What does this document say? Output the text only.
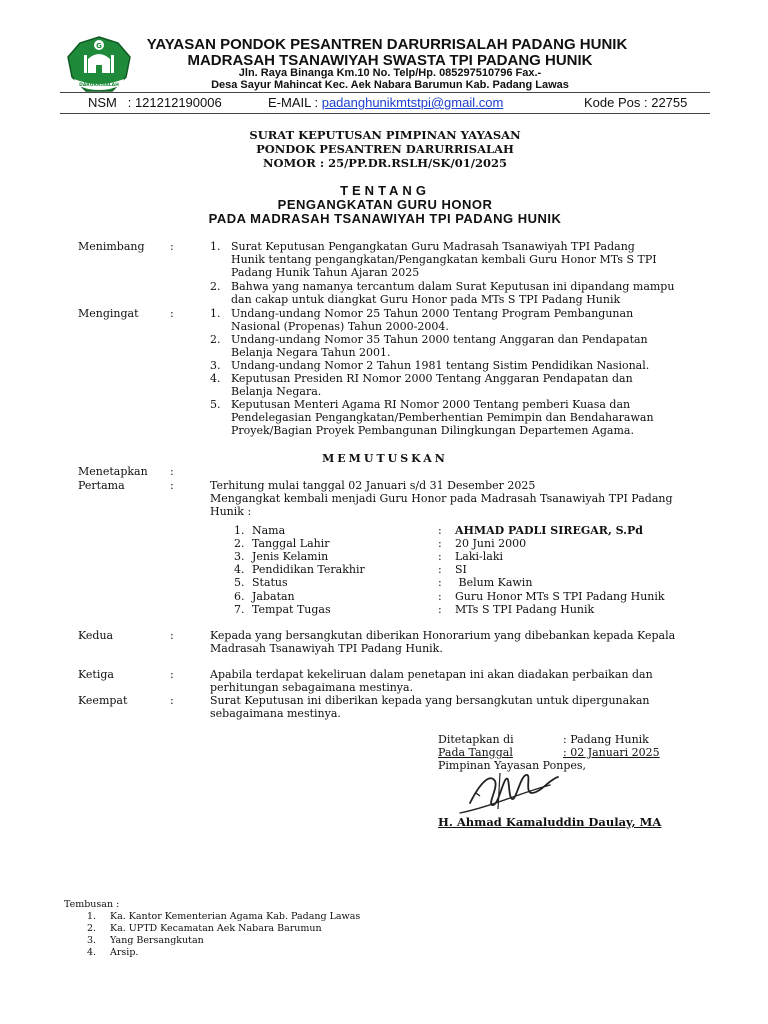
G
DARURRISALAH
YAYASAN PONDOK PESANTREN DARURRISALAH PADANG HUNIK
MADRASAH TSANAWIYAH SWASTA TPI PADANG HUNIK
Jln. Raya Binanga Km.10 No. Telp/Hp. 085297510796 Fax.-
Desa Sayur Mahincat Kec. Aek Nabara Barumun Kab. Padang Lawas
NSM   : 121212190006	E-MAIL : padanghunikmtstpi@gmail.com	Kode Pos : 22755
SURAT KEPUTUSAN PIMPINAN YAYASAN
PONDOK PESANTREN DARURRISALAH
NOMOR : 25/PP.DR.RSLH/SK/01/2025
TENTANG
PENGANGKATAN GURU HONOR
PADA MADRASAH TSANAWIYAH TPI PADANG HUNIK
Menimbang :	1. Surat Keputusan Pengangkatan Guru Madrasah Tsanawiyah TPI Padang
Hunik tentang pengangkatan/Pengangkatan kembali Guru Honor MTs S TPI
Padang Hunik Tahun Ajaran 2025
2. Bahwa yang namanya tercantum dalam Surat Keputusan ini dipandang mampu
dan cakap untuk diangkat Guru Honor pada MTs S TPI Padang Hunik
Mengingat	:	1. Undang-undang Nomor 25 Tahun 2000 Tentang Program Pembangunan
Nasional (Propenas) Tahun 2000-2004.
2. Undang-undang Nomor 35 Tahun 2000 tentang Anggaran dan Pendapatan
Belanja Negara Tahun 2001.
3. Undang-undang Nomor 2 Tahun 1981 tentang Sistim Pendidikan Nasional.
4. Keputusan Presiden RI Nomor 2000 Tentang Anggaran Pendapatan dan
Belanja Negara.
5. Keputusan Menteri Agama RI Nomor 2000 Tentang pemberi Kuasa dan
Pendelegasian Pengangkatan/Pemberhentian Pemimpin dan Bendaharawan
Proyek/Bagian Proyek Pembangunan Dilingkungan Departemen Agama.
MEMUTUSKAN
Menetapkan :
Pertama	:	Terhitung mulai tanggal 02 Januari s/d 31 Desember 2025
Mengangkat kembali menjadi Guru Honor pada Madrasah Tsanawiyah TPI Padang
Hunik :
1. Nama	: AHMAD PADLI SIREGAR, S.Pd
2. Tanggal Lahir	: 20 Juni 2000
3. Jenis Kelamin	: Laki-laki
4. Pendidikan Terakhir	: SI
5. Status	: Belum Kawin
6. Jabatan	: Guru Honor MTs S TPI Padang Hunik
7. Tempat Tugas	: MTs S TPI Padang Hunik
Kedua	:	Kepada yang bersangkutan diberikan Honorarium yang dibebankan kepada Kepala
Madrasah Tsanawiyah TPI Padang Hunik.
Ketiga	:	Apabila terdapat kekeliruan dalam penetapan ini akan diadakan perbaikan dan
perhitungan sebagaimana mestinya.
Keempat	:	Surat Keputusan ini diberikan kepada yang bersangkutan untuk dipergunakan
sebagaimana mestinya.
Ditetapkan di	: Padang Hunik
Pada Tanggal	: 02 Januari 2025
Pimpinan Yayasan Ponpes,
H. Ahmad Kamaluddin Daulay, MA
Tembusan :
1. Ka. Kantor Kementerian Agama Kab. Padang Lawas
2. Ka. UPTD Kecamatan Aek Nabara Barumun
3. Yang Bersangkutan
4. Arsip.
